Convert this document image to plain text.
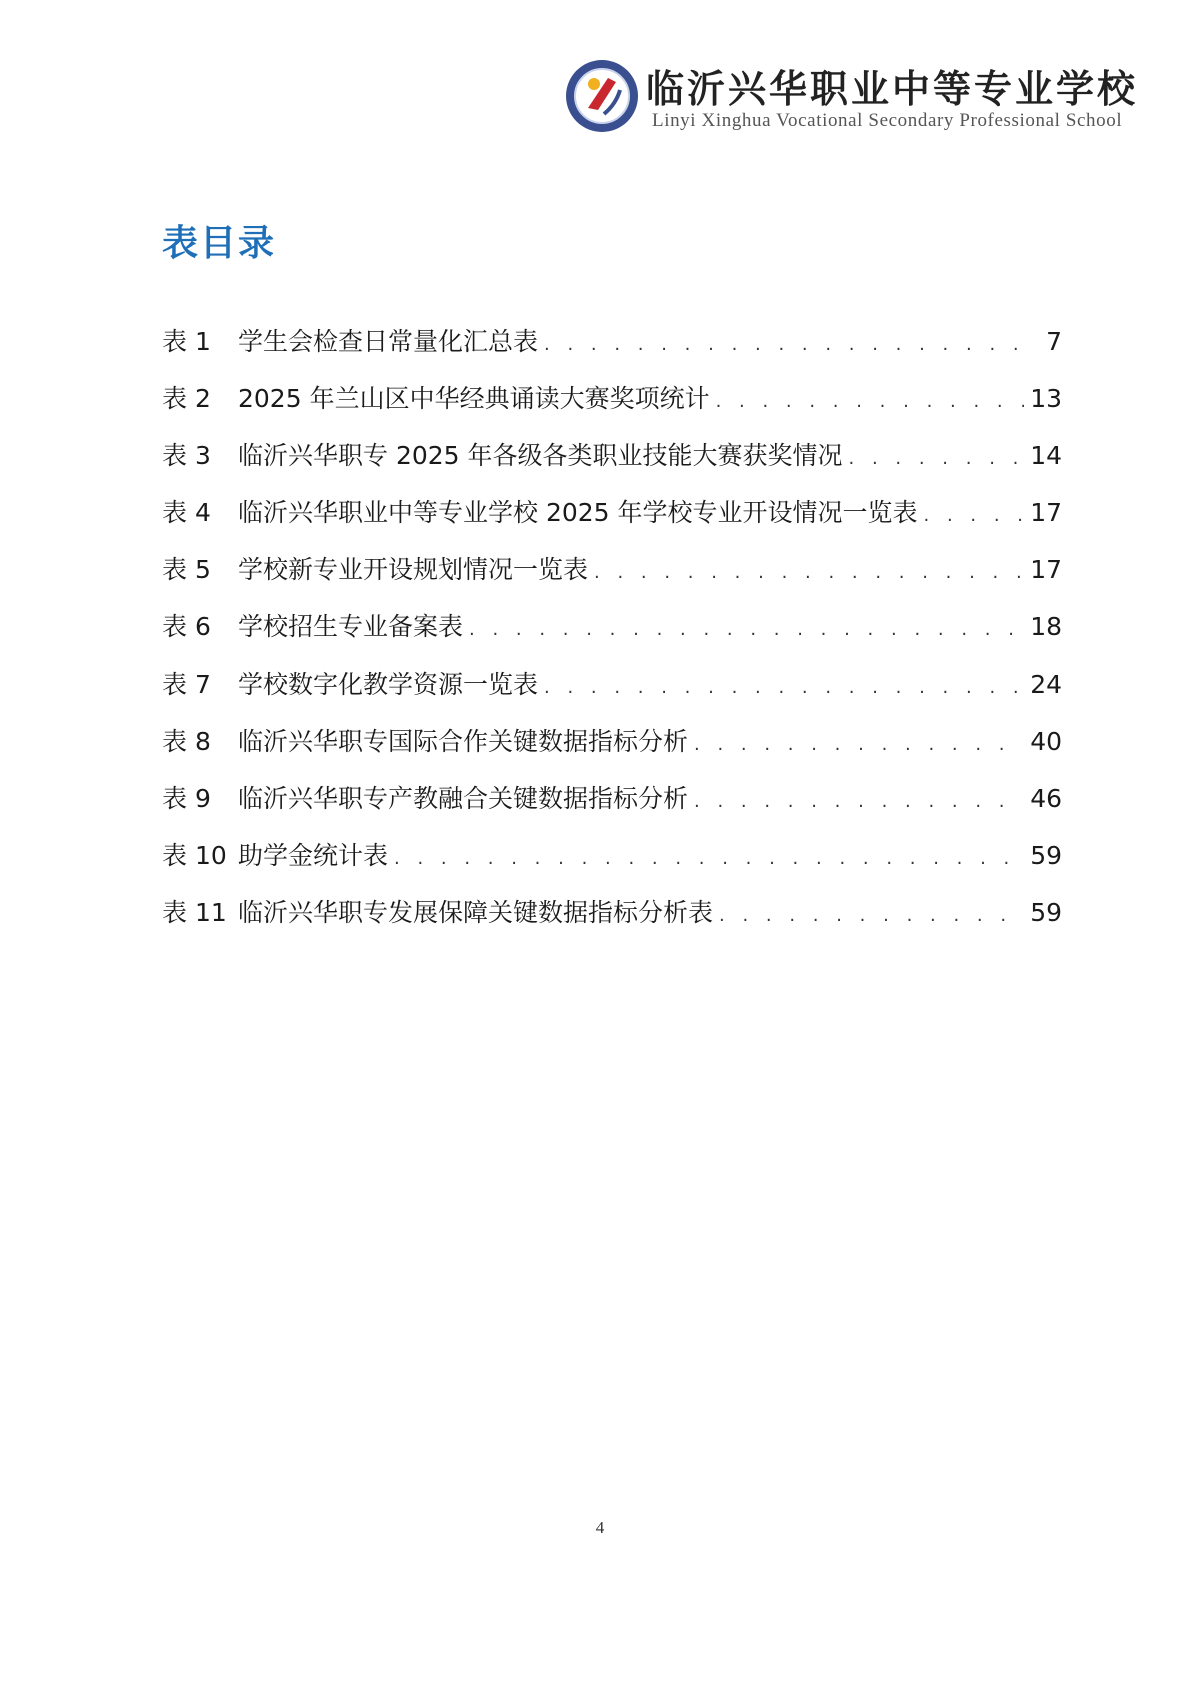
临沂兴华职业中等专业学校
Linyi Xinghua Vocational Secondary Professional School
表目录
表 1	学生会检查日常量化汇总表 . . .	7
表 2	2025 年兰山区中华经典诵读大赛奖项统计 . . .	13
表 3	临沂兴华职专 2025 年各级各类职业技能大赛获奖情况 . . .	14
表 4	临沂兴华职业中等专业学校 2025 年学校专业开设情况一览表 . . .	17
表 5	学校新专业开设规划情况一览表 . . .	17
表 6	学校招生专业备案表 . . .	18
表 7	学校数字化教学资源一览表 . . .	24
表 8	临沂兴华职专国际合作关键数据指标分析 . . .	40
表 9	临沂兴华职专产教融合关键数据指标分析 . . .	46
表 10 助学金统计表 . . .	59
表 11 临沂兴华职专发展保障关键数据指标分析表 . . .	59
4
